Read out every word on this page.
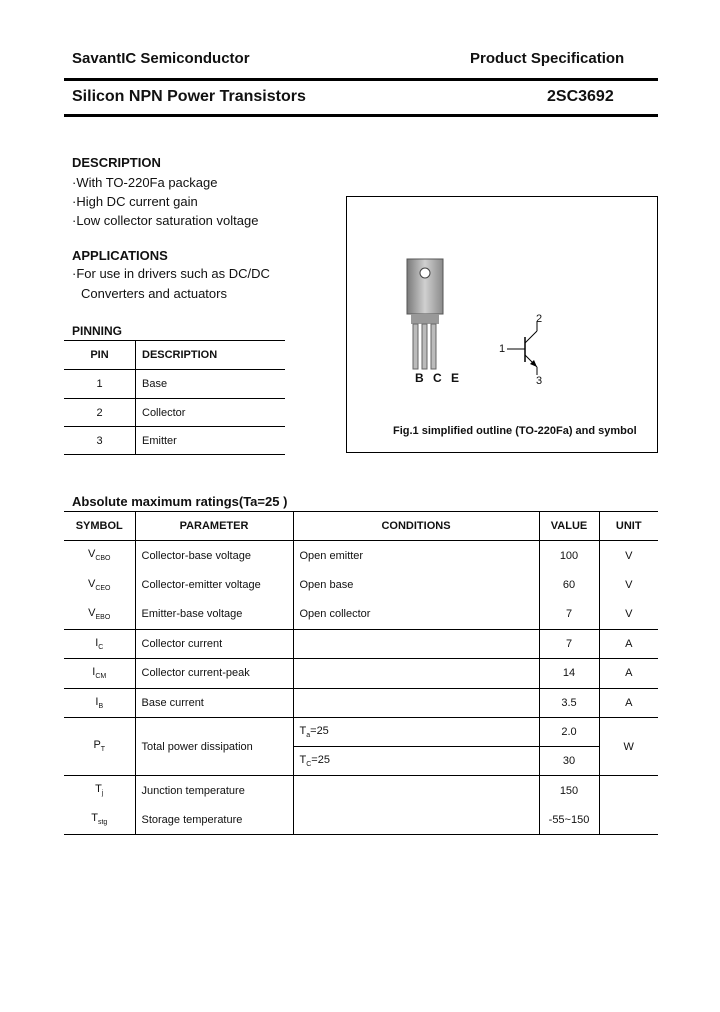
SavantIC Semiconductor	Product Specification
Silicon NPN Power Transistors	2SC3692
DESCRIPTION
·With TO-220Fa package
·High DC current gain
·Low collector saturation voltage
APPLICATIONS
·For use in drivers such as DC/DC
Converters and actuators
PINNING
PIN	DESCRIPTION
1	Base
2	Collector
3	Emitter
B C E
1
2
3
Fig.1 simplified outline (TO-220Fa) and symbol
Absolute maximum ratings(Ta=25 )
SYMBOL	PARAMETER	CONDITIONS	VALUE	UNIT
$V_{CBO}$	Collector-base voltage	Open emitter	100	V
$V_{CEO}$	Collector-emitter voltage	Open base	60	V
$V_{EBO}$	Emitter-base voltage	Open collector	7	V
$I_C$	Collector current		7	A
$I_{CM}$	Collector current-peak		14	A
$I_B$	Base current		3.5	A
$P_T$	Total power dissipation	$T_a=25$	2.0	W
		$T_C=25$	30	
$T_j$	Junction temperature		150	
$T_{stg}$	Storage temperature		-55~150	
